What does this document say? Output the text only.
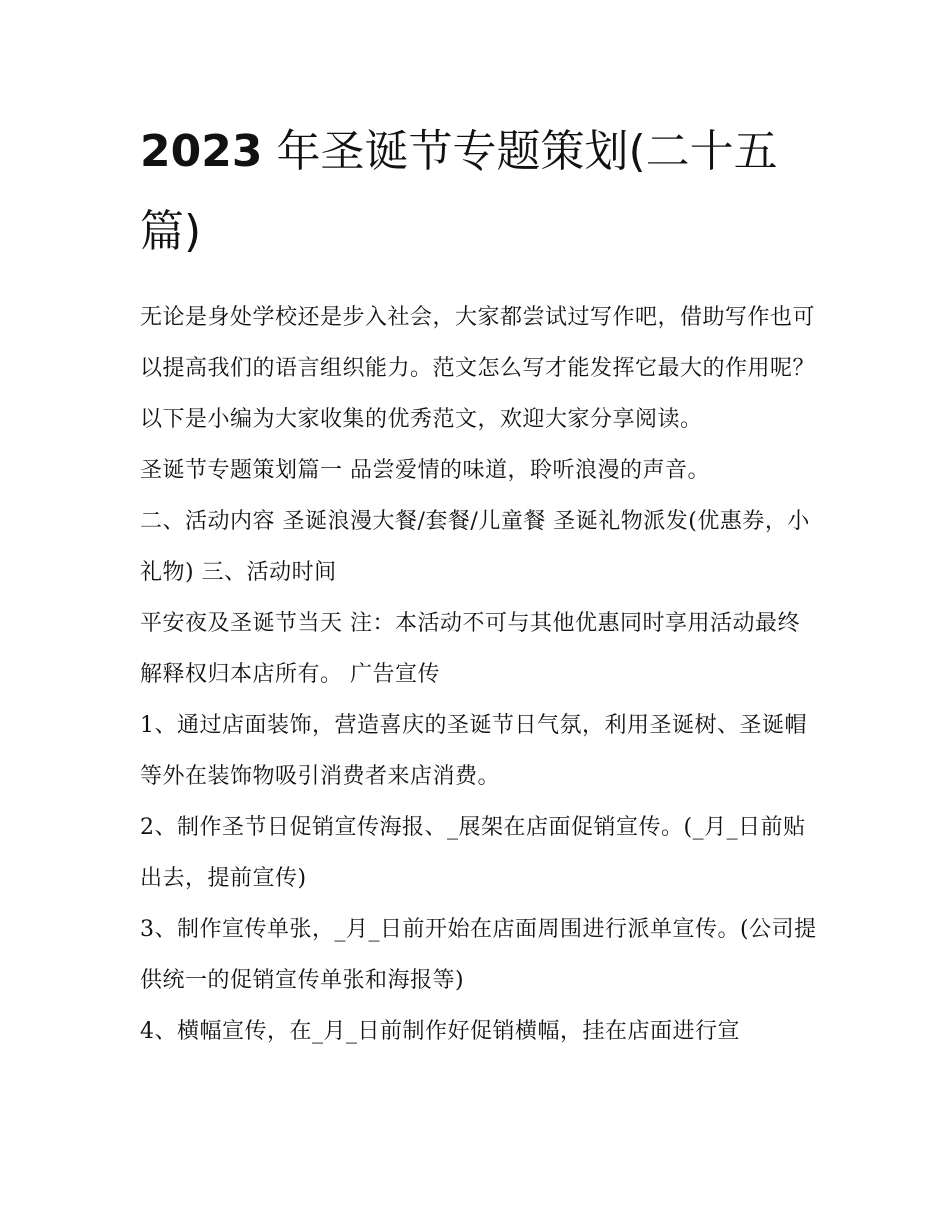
2023 年圣诞节专题策划(二十五篇)

无论是身处学校还是步入社会，大家都尝试过写作吧，借助写作也可以提高我们的语言组织能力。范文怎么写才能发挥它最大的作用呢？以下是小编为大家收集的优秀范文，欢迎大家分享阅读。

圣诞节专题策划篇一 品尝爱情的味道，聆听浪漫的声音。

二、活动内容 圣诞浪漫大餐/套餐/儿童餐 圣诞礼物派发(优惠券，小礼物) 三、活动时间

平安夜及圣诞节当天 注：本活动不可与其他优惠同时享用活动最终解释权归本店所有。 广告宣传

1、通过店面装饰，营造喜庆的圣诞节日气氛，利用圣诞树、圣诞帽等外在装饰物吸引消费者来店消费。

2、制作圣节日促销宣传海报、_展架在店面促销宣传。(_月_日前贴出去，提前宣传)

3、制作宣传单张，_月_日前开始在店面周围进行派单宣传。(公司提供统一的促销宣传单张和海报等)

4、横幅宣传，在_月_日前制作好促销横幅，挂在店面进行宣
